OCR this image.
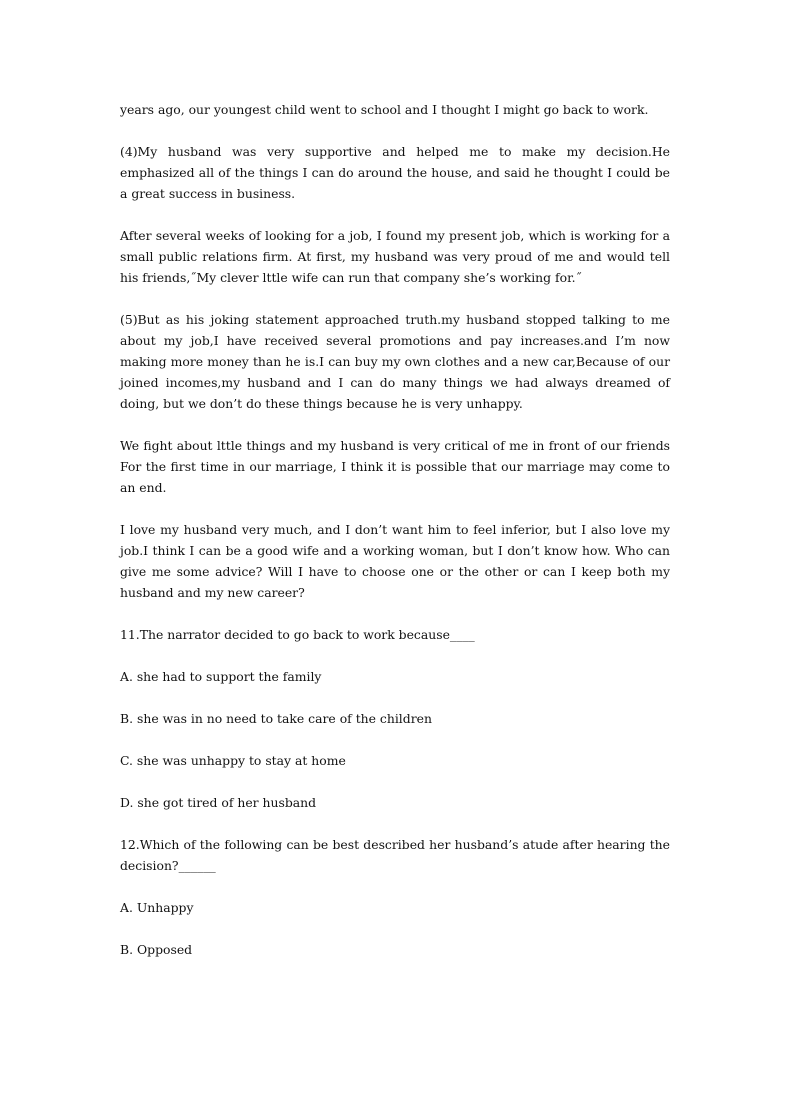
years ago, our youngest child went to school and I thought I might go back to work.

(4)My husband was very supportive and helped me to make my decision.He emphasized all of the things I can do around the house, and said he thought I could be a great success in business.

After several weeks of looking for a job, I found my present job, which is working for a small public relations firm. At first, my husband was very proud of me and would tell his friends,˝My clever lttle wife can run that company she’s working for.˝

(5)But as his joking statement approached truth.my husband stopped talking to me about my job,I have received several promotions and pay increases.and I’m now making more money than he is.I can buy my own clothes and a new car,Because of our joined incomes,my husband and I can do many things we had always dreamed of doing, but we don’t do these things because he is very unhappy.

We fight about lttle things and my husband is very critical of me in front of our friends For the first time in our marriage, I think it is possible that our marriage may come to an end.

I love my husband very much, and I don’t want him to feel inferior, but I also love my job.I think I can be a good wife and a working woman, but I don’t know how. Who can give me some advice? Will I have to choose one or the other or can I keep both my husband and my new career?

11.The narrator decided to go back to work because____

A. she had to support the family

B. she was in no need to take care of the children

C. she was unhappy to stay at home

D. she got tired of her husband

12.Which of the following can be best described her husband’s atude after hearing the decision?______

A. Unhappy

B. Opposed
